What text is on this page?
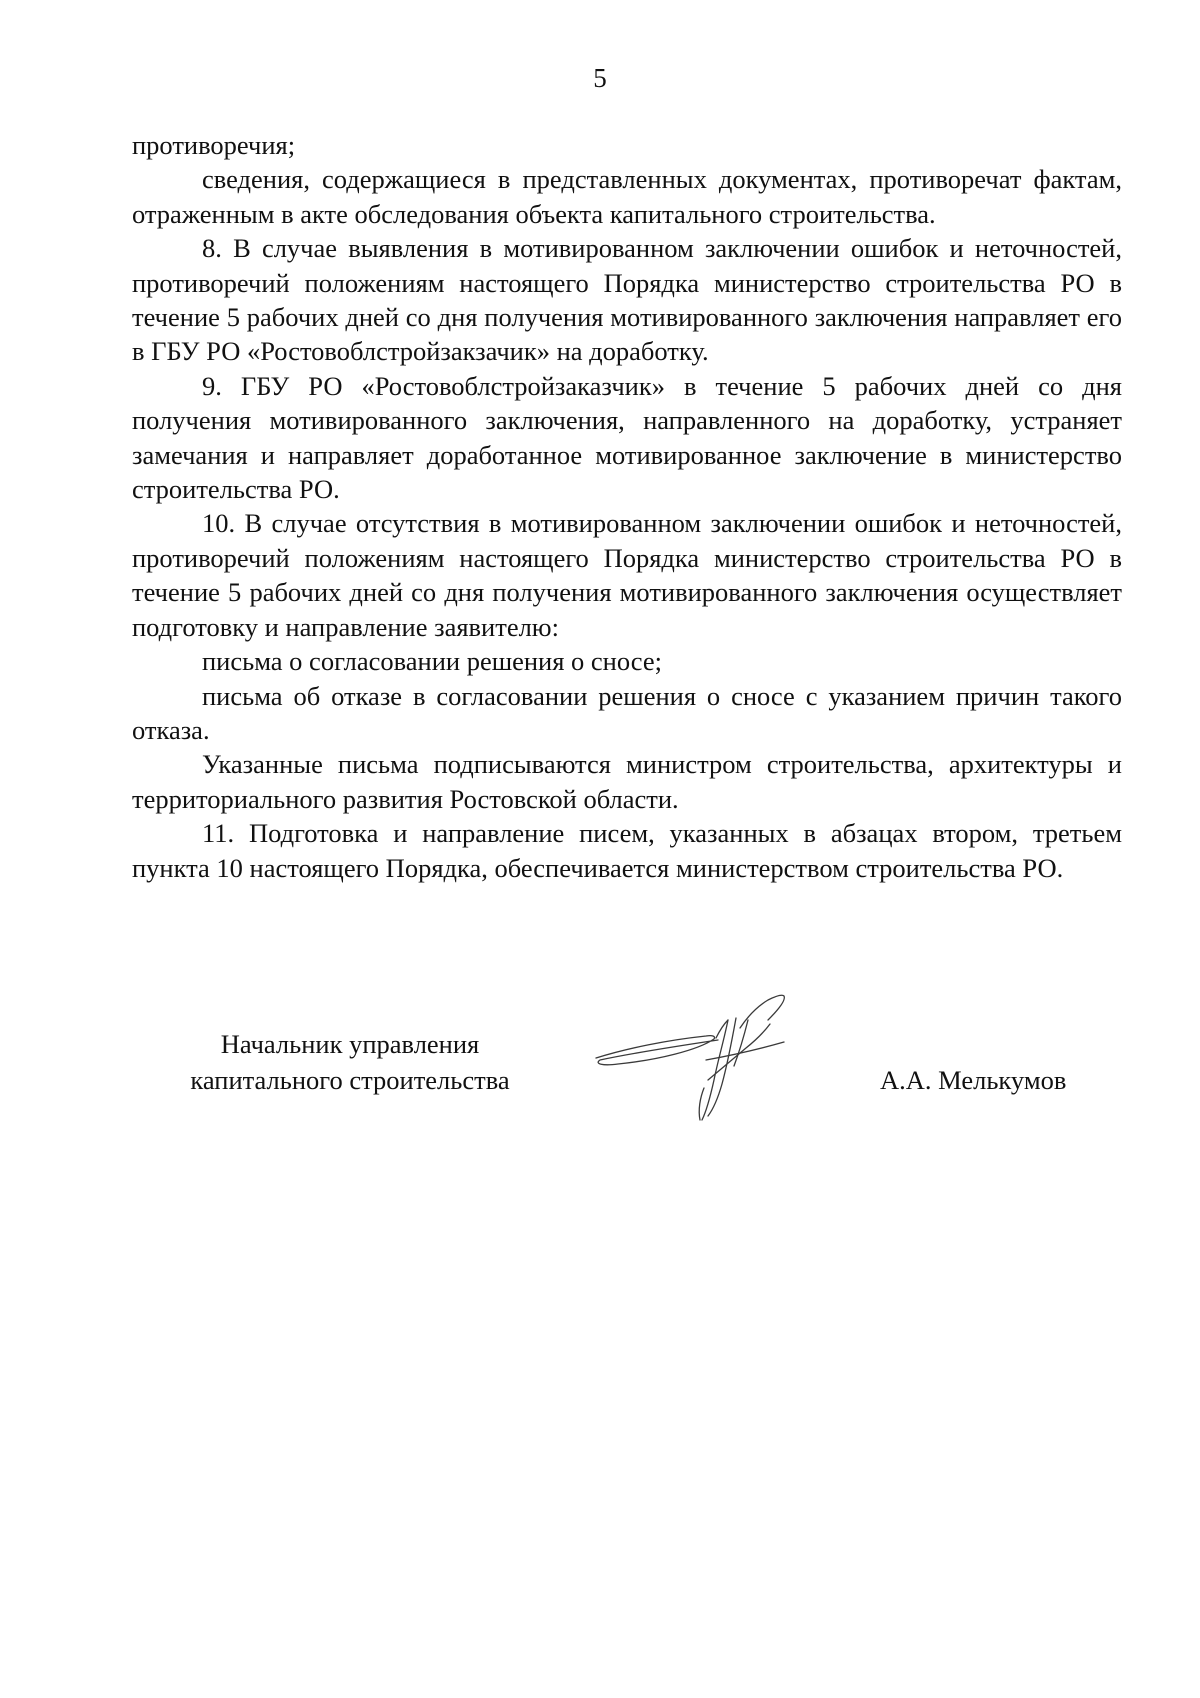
5

противоречия;

сведения, содержащиеся в представленных документах, противоречат фактам, отраженным в акте обследования объекта капитального строительства.

8. В случае выявления в мотивированном заключении ошибок и неточностей, противоречий положениям настоящего Порядка министерство строительства РО в течение 5 рабочих дней со дня получения мотивированного заключения направляет его в ГБУ РО «Ростовоблстройзакзачик» на доработку.

9. ГБУ РО «Ростовоблстройзаказчик» в течение 5 рабочих дней со дня получения мотивированного заключения, направленного на доработку, устраняет замечания и направляет доработанное мотивированное заключение в министерство строительства РО.

10. В случае отсутствия в мотивированном заключении ошибок и неточностей, противоречий положениям настоящего Порядка министерство строительства РО в течение 5 рабочих дней со дня получения мотивированного заключения осуществляет подготовку и направление заявителю:

письма о согласовании решения о сносе;

письма об отказе в согласовании решения о сносе с указанием причин такого отказа.

Указанные письма подписываются министром строительства, архитектуры и территориального развития Ростовской области.

11. Подготовка и направление писем, указанных в абзацах втором, третьем пункта 10 настоящего Порядка, обеспечивается министерством строительства РО.

Начальник управления
капитального строительства	А.А. Мелькумов
